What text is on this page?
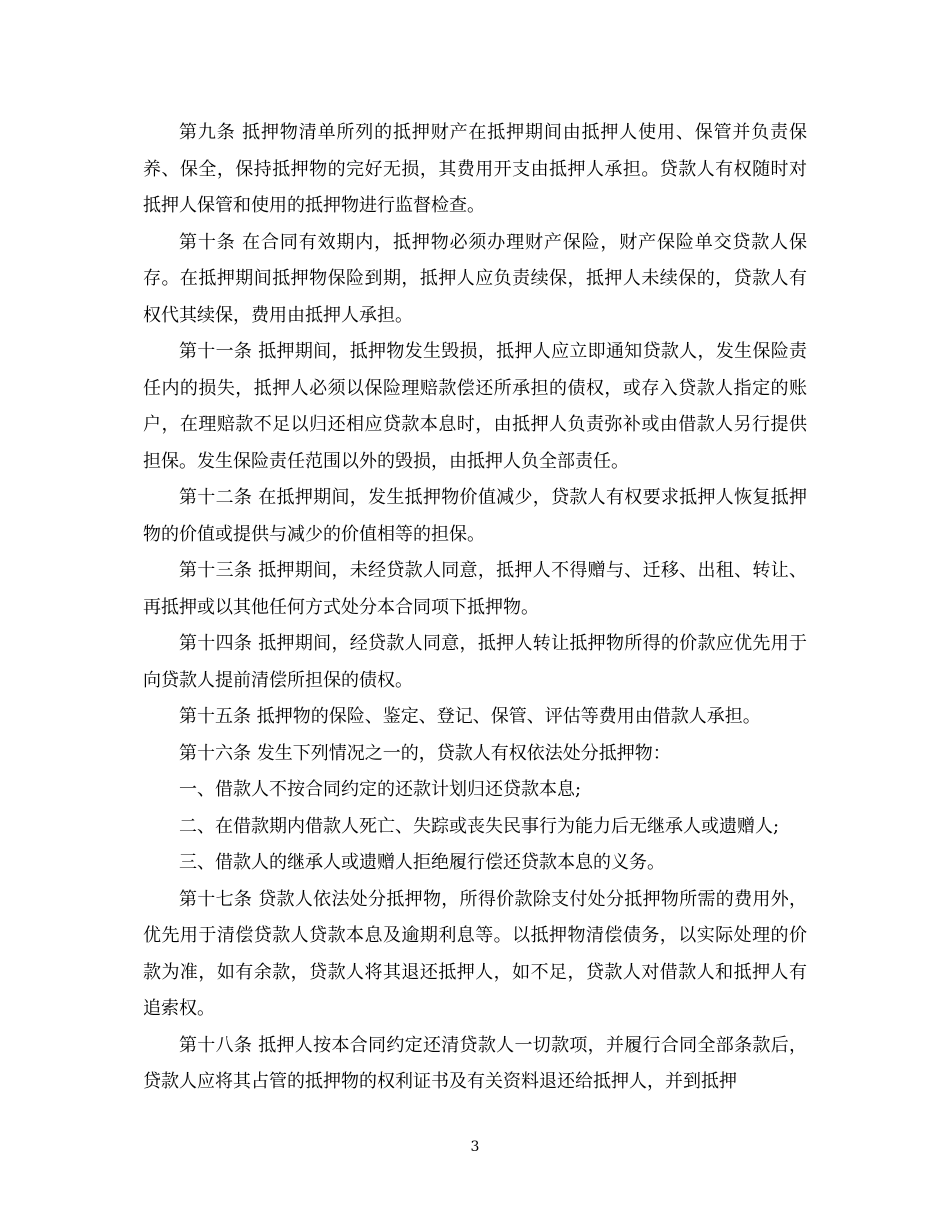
第九条 抵押物清单所列的抵押财产在抵押期间由抵押人使用、保管并负责保养、保全，保持抵押物的完好无损，其费用开支由抵押人承担。贷款人有权随时对抵押人保管和使用的抵押物进行监督检查。

第十条 在合同有效期内，抵押物必须办理财产保险，财产保险单交贷款人保存。在抵押期间抵押物保险到期，抵押人应负责续保，抵押人未续保的，贷款人有权代其续保，费用由抵押人承担。

第十一条 抵押期间，抵押物发生毁损，抵押人应立即通知贷款人，发生保险责任内的损失，抵押人必须以保险理赔款偿还所承担的债权，或存入贷款人指定的账户，在理赔款不足以归还相应贷款本息时，由抵押人负责弥补或由借款人另行提供担保。发生保险责任范围以外的毁损，由抵押人负全部责任。

第十二条 在抵押期间，发生抵押物价值减少，贷款人有权要求抵押人恢复抵押物的价值或提供与减少的价值相等的担保。

第十三条 抵押期间，未经贷款人同意，抵押人不得赠与、迁移、出租、转让、再抵押或以其他任何方式处分本合同项下抵押物。

第十四条 抵押期间，经贷款人同意，抵押人转让抵押物所得的价款应优先用于向贷款人提前清偿所担保的债权。

第十五条 抵押物的保险、鉴定、登记、保管、评估等费用由借款人承担。

第十六条 发生下列情况之一的，贷款人有权依法处分抵押物：

一、借款人不按合同约定的还款计划归还贷款本息;

二、在借款期内借款人死亡、失踪或丧失民事行为能力后无继承人或遗赠人;

三、借款人的继承人或遗赠人拒绝履行偿还贷款本息的义务。

第十七条 贷款人依法处分抵押物，所得价款除支付处分抵押物所需的费用外，优先用于清偿贷款人贷款本息及逾期利息等。以抵押物清偿债务，以实际处理的价款为准，如有余款，贷款人将其退还抵押人，如不足，贷款人对借款人和抵押人有追索权。

第十八条 抵押人按本合同约定还清贷款人一切款项，并履行合同全部条款后，贷款人应将其占管的抵押物的权利证书及有关资料退还给抵押人，并到抵押

3
